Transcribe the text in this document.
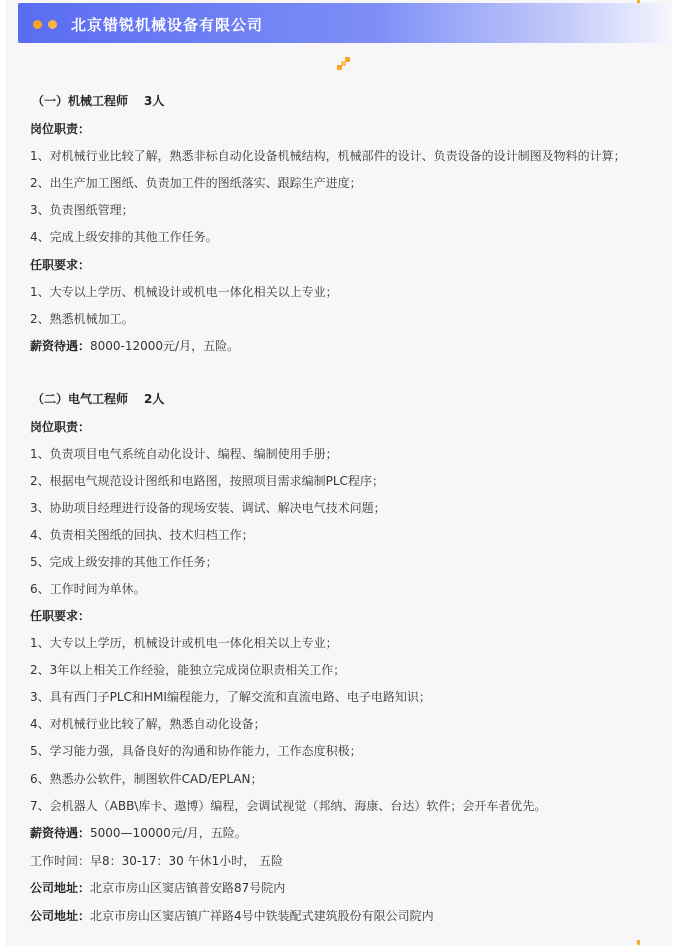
北京错锐机械设备有限公司
（一）机械工程师 3人
岗位职责：
1、对机械行业比较了解，熟悉非标自动化设备机械结构，机械部件的设计、负责设备的设计制图及物料的计算；
2、出生产加工图纸、负责加工件的图纸落实、跟踪生产进度；
3、负责图纸管理；
4、完成上级安排的其他工作任务。
任职要求：
1、大专以上学历、机械设计或机电一体化相关以上专业；
2、熟悉机械加工。
薪资待遇：8000-12000元/月，五险。
（二）电气工程师 2人
岗位职责：
1、负责项目电气系统自动化设计、编程、编制使用手册；
2、根据电气规范设计图纸和电路图，按照项目需求编制PLC程序；
3、协助项目经理进行设备的现场安装、调试、解决电气技术问题；
4、负责相关图纸的回执、技术归档工作；
5、完成上级安排的其他工作任务；
6、工作时间为单休。
任职要求：
1、大专以上学历，机械设计或机电一体化相关以上专业；
2、3年以上相关工作经验，能独立完成岗位职责相关工作；
3、具有西门子PLC和HMI编程能力，了解交流和直流电路、电子电路知识；
4、对机械行业比较了解，熟悉自动化设备；
5、学习能力强，具备良好的沟通和协作能力，工作态度积极；
6、熟悉办公软件，制图软件CAD/EPLAN；
7、会机器人（ABB\库卡、遨博）编程，会调试视觉（邦纳、海康、台达）软件；会开车者优先。
薪资待遇：5000—10000元/月，五险。
工作时间：早8：30-17：30 午休1小时， 五险
公司地址：北京市房山区窦店镇普安路87号院内
公司地址：北京市房山区窦店镇广祥路4号中铁装配式建筑股份有限公司院内
